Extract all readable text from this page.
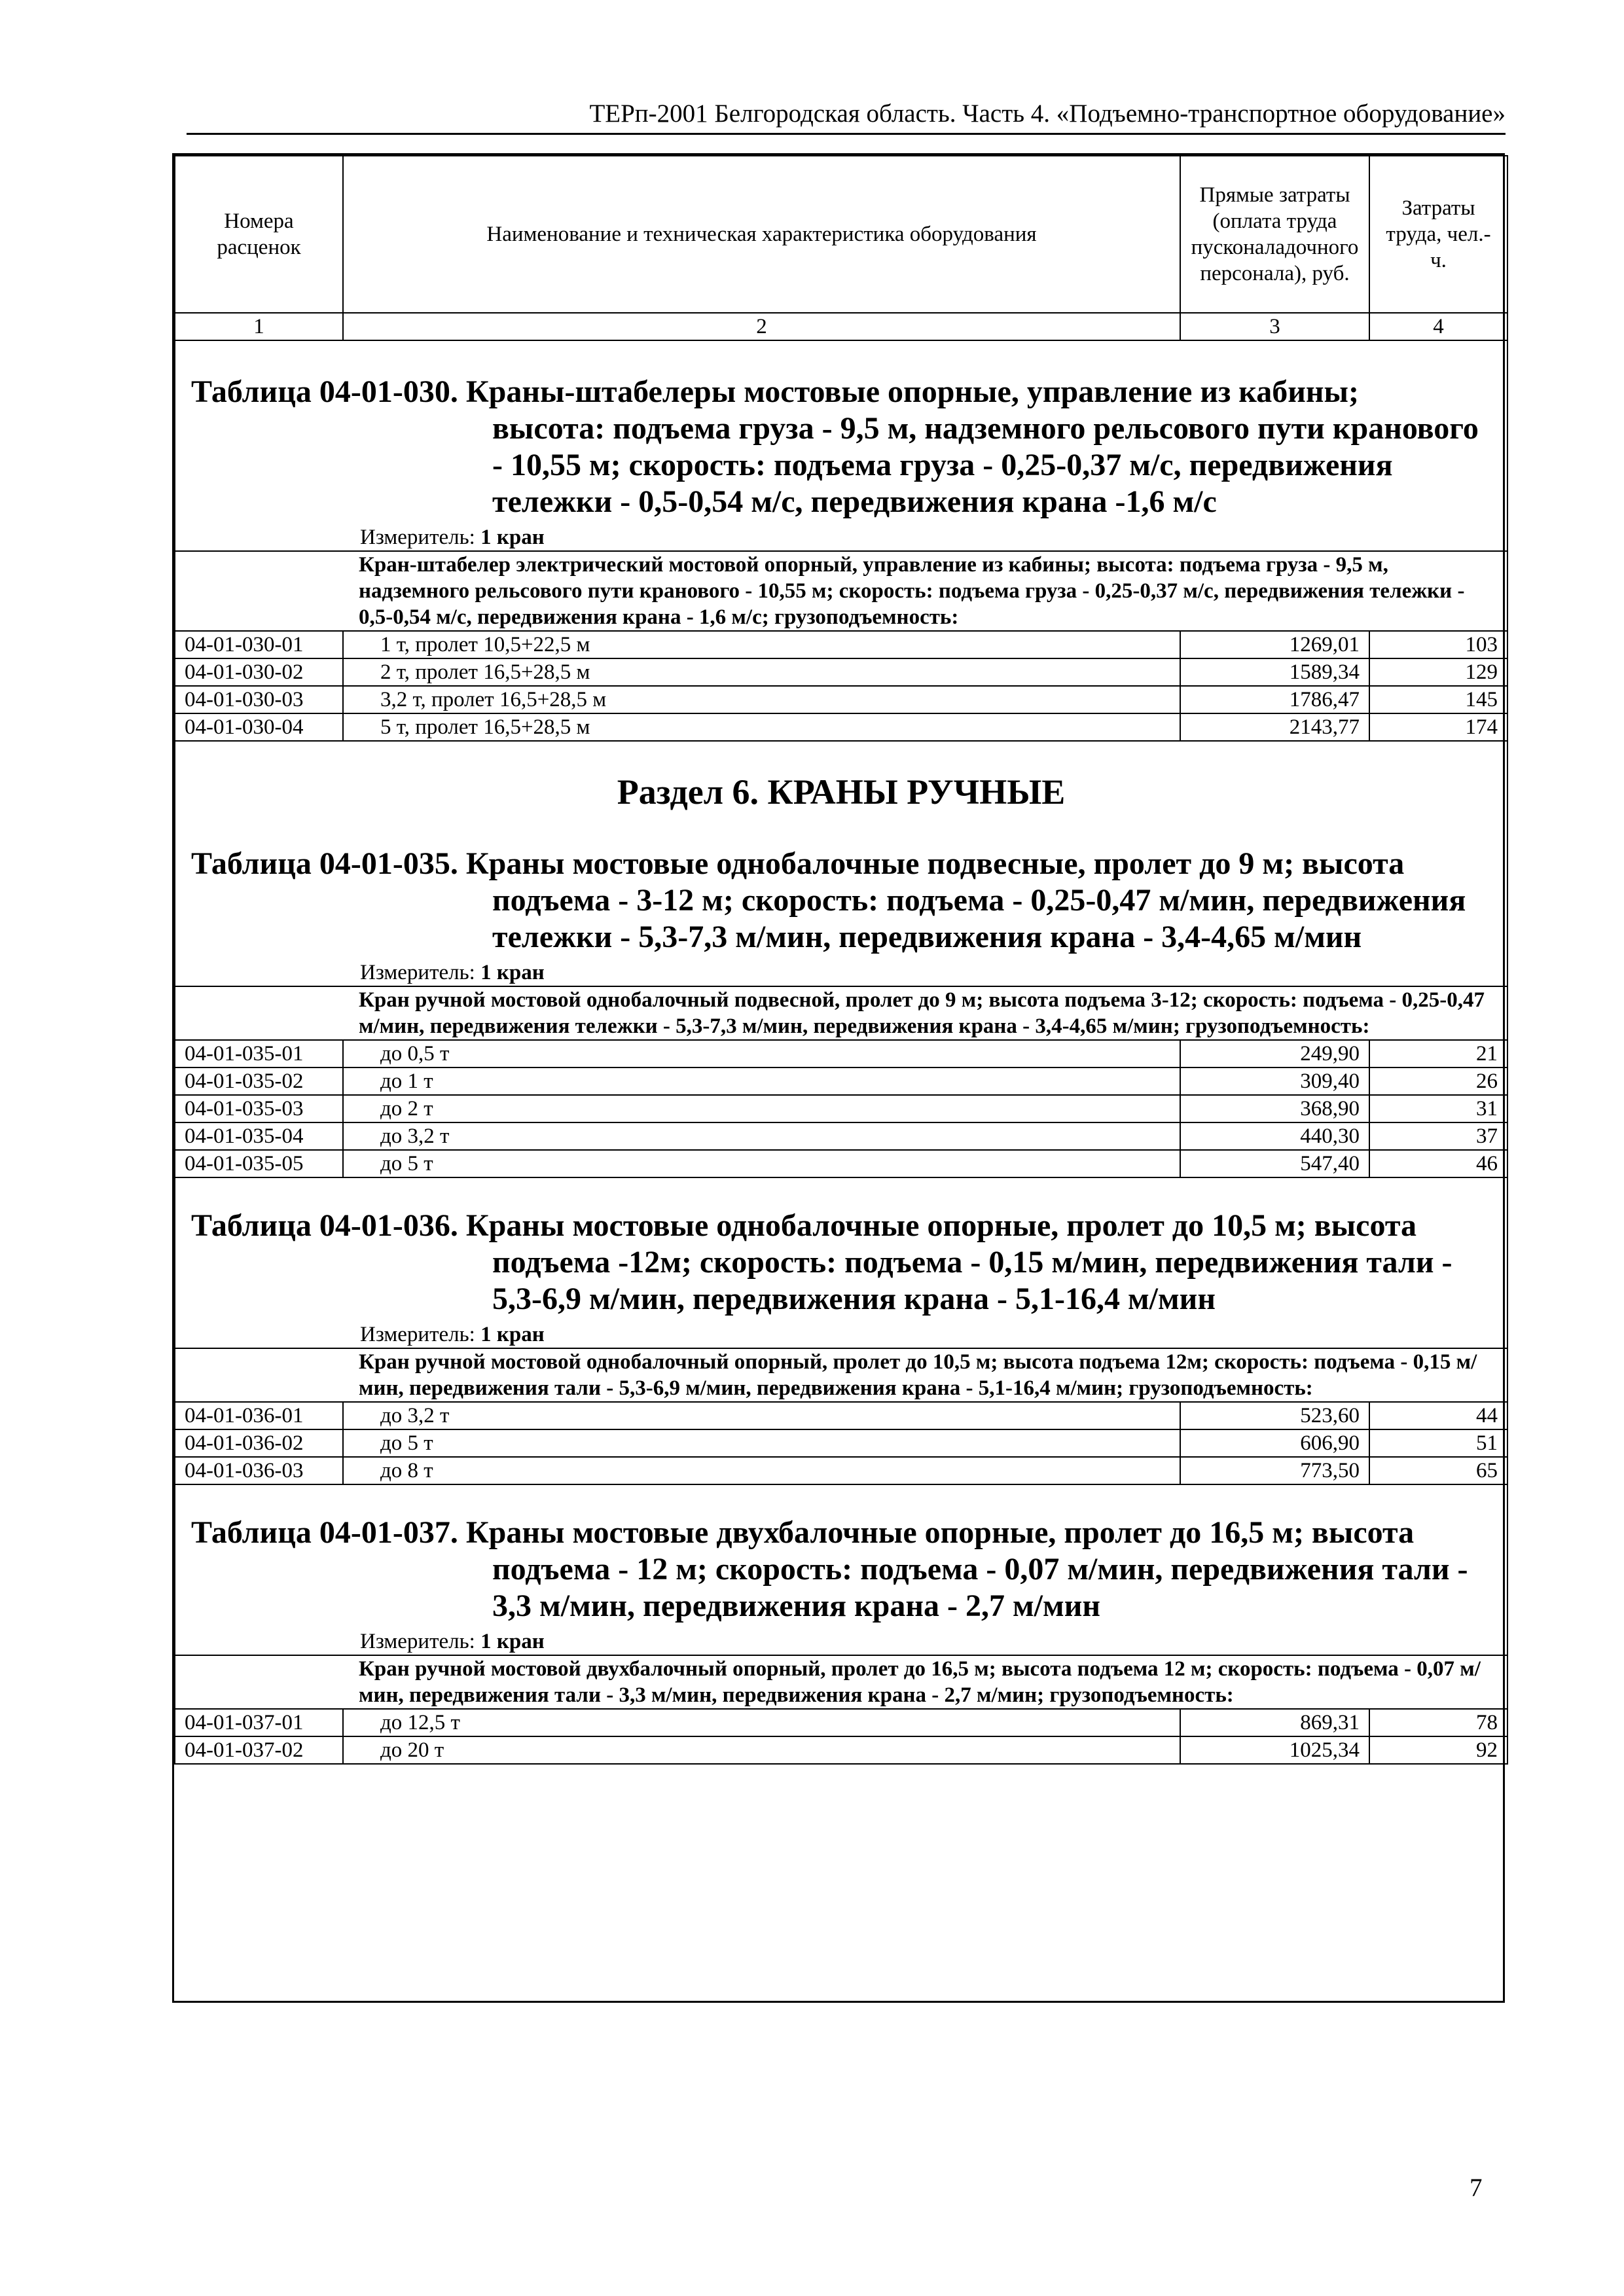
ТЕРп-2001 Белгородская область. Часть 4. «Подъемно-транспортное оборудование»
Номера расценок	Наименование и техническая характеристика оборудования	Прямые затраты (оплата труда пусконаладочного персонала), руб.	Затраты труда, чел.-ч.
1	2	3	4

Таблица 04-01-030. Краны-штабелеры мостовые опорные, управление из кабины;
высота: подъема груза - 9,5 м, надземного рельсового пути кранового - 10,55 м; скорость: подъема груза - 0,25-0,37 м/с, передвижения тележки - 0,5-0,54 м/с, передвижения крана -1,6 м/с
Измеритель: 1 кран			

	Кран-штабелер электрический мостовой опорный, управление из кабины; высота: подъема груза - 9,5 м, надземного рельсового пути кранового - 10,55 м; скорость: подъема груза - 0,25-0,37 м/с, передвижения тележки - 0,5-0,54 м/с, передвижения крана - 1,6 м/с; грузоподъемность:		
04-01-030-01	1 т, пролет 10,5+22,5 м	1269,01	103
04-01-030-02	2 т, пролет 16,5+28,5 м	1589,34	129
04-01-030-03	3,2 т, пролет 16,5+28,5 м	1786,47	145
04-01-030-04	5 т, пролет 16,5+28,5 м	2143,77	174

Раздел 6. КРАНЫ РУЧНЫЕ			

Таблица 04-01-035. Краны мостовые однобалочные подвесные, пролет до 9 м; высота
подъема - 3-12 м; скорость: подъема - 0,25-0,47 м/мин, передвижения тележки - 5,3-7,3 м/мин, передвижения крана - 3,4-4,65 м/мин
Измеритель: 1 кран			

	Кран ручной мостовой однобалочный подвесной, пролет до 9 м; высота подъема 3-12; скорость: подъема - 0,25-0,47 м/мин, передвижения тележки - 5,3-7,3 м/мин, передвижения крана - 3,4-4,65 м/мин; грузоподъемность:		
04-01-035-01	до 0,5 т	249,90	21
04-01-035-02	до 1 т	309,40	26
04-01-035-03	до 2 т	368,90	31
04-01-035-04	до 3,2 т	440,30	37
04-01-035-05	до 5 т	547,40	46

Таблица 04-01-036. Краны мостовые однобалочные опорные, пролет до 10,5 м; высота
подъема -12м; скорость: подъема - 0,15 м/мин, передвижения тали - 5,3-6,9 м/мин, передвижения крана - 5,1-16,4 м/мин
Измеритель: 1 кран			

	Кран ручной мостовой однобалочный опорный, пролет до 10,5 м; высота подъема 12м; скорость: подъема - 0,15 м/мин, передвижения тали - 5,3-6,9 м/мин, передвижения крана - 5,1-16,4 м/мин; грузоподъемность:		
04-01-036-01	до 3,2 т	523,60	44
04-01-036-02	до 5 т	606,90	51
04-01-036-03	до 8 т	773,50	65

Таблица 04-01-037. Краны мостовые двухбалочные опорные, пролет до 16,5 м; высота
подъема - 12 м; скорость: подъема - 0,07 м/мин, передвижения тали - 3,3 м/мин, передвижения крана - 2,7 м/мин
Измеритель: 1 кран			

	Кран ручной мостовой двухбалочный опорный, пролет до 16,5 м; высота подъема 12 м; скорость: подъема - 0,07 м/мин, передвижения тали - 3,3 м/мин, передвижения крана - 2,7 м/мин; грузоподъемность:		
04-01-037-01	до 12,5 т	869,31	78
04-01-037-02	до 20 т	1025,34	92
7
